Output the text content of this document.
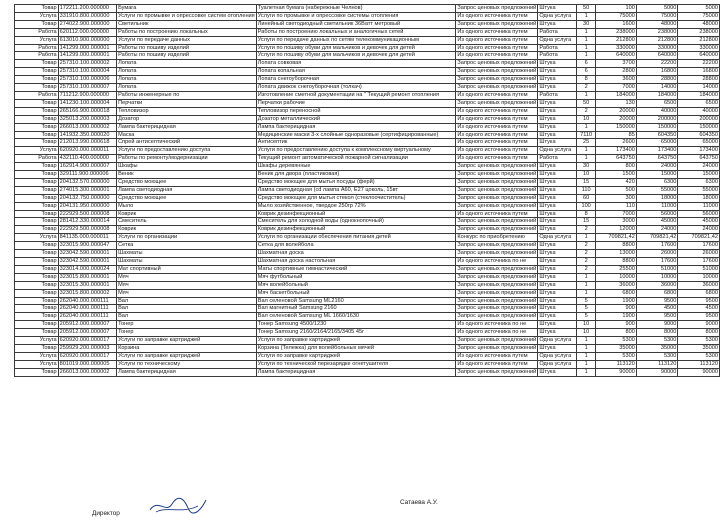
Товар	172211.200.000000	Бумага	Туалетная бумага (набережные Челнов)	Запрос ценовых предложений	Штука	50	100	5000	5000
Услуга	331910.800.000000	Услуги по промывке и опрессовке систем отопления	Услуги по промывке и опрессовке системы отопления	Из одного источника путем	Одна услуга	1	75000	75000	75000
Товар	274022.900.000000	Светильник	Линейный светодиодный светильник 36Ватт метровый	Запрос ценовых предложений	Штука	30	1600	48000	48000
Работа	620112.000.000000	Работы по построению локальных	Работы по построению локальных и аналогичных сетей	Из одного источника путем	Работа	1	238000	238000	238000
Услуга	613010.900.000000	Услуги по передаче данных	Услуги по передаче данных по сетям телекоммуникационным	Из одного источника путем	Одна услуга	1	212800	212800	212800
Работа	141299.000.000001	Работы по пошиву изделий	Услуги по пошиву обуви для мальчиков и девочек для детей	Из одного источника путем	Работа	1	330000	330000	330000
Работа	141299.000.000001	Работы по пошиву изделий	Услуги по пошиву обуви для мальчиков и девочек для детей	Из одного источника путем	Работа	1	640000	640000	640000
Товар	257310.100.000002	Лопата	Лопата совковая	Запрос ценовых предложений	Штука	6	3700	22200	22200
Товар	257310.100.000004	Лопата	Лопата копальная	Запрос ценовых предложений	Штука	6	2800	16800	16800
Товар	257310.100.000006	Лопата	Лопата снегоуборочная	Запрос ценовых предложений	Штука	8	3600	28800	28800
Товар	257310.100.000007	Лопата	Лопата движок снегоуборочная (толкач)	Запрос ценовых предложений	Штука	2	7000	14000	14000
Работа	711212.900.000000	Работы инженерные по	Изготовление сметной документации на " Текущий ремонт отопления	Из одного источника путем	Работа	1	184000	184000	184000
Товар	141230.100.000004	Перчатки	Перчатки рабочие	Запрос ценовых предложений	Штука	50	130	6500	6500
Товар	265166.900.000018	Тепловизор	Тепловизор переносной	Из одного источника путем	Штука	2	20000	40000	40000
Товар	325013.200.000003	Дозатор	Дозатор металлический	Из одного источника путем	Штука	10	20000	200000	200000
Товар	266013.000.000002	Лампа бактерицидная	Лампа бактерицидная	Из одного источника путем	Штука	1	150000	150000	150000
Товар	141932.350.000020	Маска	Медицинские маски 3-х слойные одноразовые (сертифицированные)	Из одного источника путем	Штука	7110	85	604350	604350
Товар	212013.990.000618	Спрей антисептический	Антисептик	Из одного источника путем	Штука	25	2600	65000	65000
Услуга	620920.000.000011	Услуги по предоставлению доступа	Услуги по предоставлению доступа к комплексному виртуальному	Из одного источника путем	Одна услуга	1	173400	173400	173400
Работа	432110.400.000000	Работы по ремонту/модернизации	Текущий ремонт автоматической пожарной сигнализации	Из одного источника путем	Работа	1	643750	643750	643750
Товар	162914.900.000007	Шкафы	Шкафы деревянные	Запрос ценовых предложений	Штука	30	800	24000	24000
Товар	329111.900.000006	Веник	Веник для дворa (пластиковая)	Запрос ценовых предложений	Штука	10	1500	15000	15000
Товар	204132.570.000000	Средство моющее	Средство моющее для мытья посуды (ферй)	Запрос ценовых предложений	Штука	15	420	6300	6300
Товар	274015.300.000001	Лампа светодиодная	Лампа светодиодная (сd лампа A60, E27 цоколь, 15вт	Запрос ценовых предложений	Штука	110	500	55000	55000
Товар	204132.750.000000	Средство моющее	Средство моющее для мытья стекол (стеклоочиститель)	Запрос ценовых предложений	Штука	60	300	18000	18000
Товар	204131.950.000000	Мыло	Мыло хозяйственное, твердое 250гр 72%	Запрос ценовых предложений	Штука	100	110	11000	11000
Товар	222929.500.000008	Коврик	Коврик дезинфекционный	Из одного источника путем	Штука	8	7000	56000	56000
Товар	281412.330.000014	Смеситель	Смеситель для холодной воды (однокнопочный)	Запрос ценовых предложений	Штука	15	3000	45000	45000
Товар	222929.500.000008	Коврик	Коврик дезинфекционный	Запрос ценовых предложений	Штука	2	12000	24000	24000
Услуга	841135.000.000011	Услуги по организации	Услуги по организации обеспечения питания детей	Конкурс по приобретению	Одна услуга	1	709821,42	709821,42	709821,42
Товар	323015.900.000047	Сетка	Сетка для волейбола	Запрос ценовых предложений	Штука	2	8800	17600	17600
Товар	323042.590.000001	Шахматы	Шахматная доска	Запрос ценовых предложений	Штука	2	13000	26000	26000
Товар	323042.590.000001	Шахматы	Шахматная доска настольная	Из одного источника по не	Штука	2	8800	17600	17600
Товар	323014.000.000024	Мат спортивный	Маты спортивные гимнастический	Запрос ценовых предложений	Штука	2	25500	51000	51000
Товар	323015.800.000001	Мяч	Мяч футбольный	Запрос ценовых предложений	Штука	1	10000	10000	10000
Товар	323015.300.000001	Мяч	Мяч волейбольный	Запрос ценовых предложений	Штука	1	36000	36000	36000
Товар	323015.800.000002	Мяч	Мяч баскетбольный	Запрос ценовых предложений	Штука	1	6800	6800	6800
Товар	262040.000.000111	Вал	Вал селеновой Samsung ML2160	Запрос ценовых предложений	Штука	5	1900	9500	9500
Товар	262040.000.000111	Вал	Вал магнитный Samsung 2160	Запрос ценовых предложений	Штука	5	900	4500	4500
Товар	262040.000.000111	Вал	Вал селеновой Samsung ML 1660/1630	Запрос ценовых предложений	Штука	5	1900	9500	9500
Товар	205912.000.000007	Тонер	Тонер Samsung 4500/1230	Из одного источника по не	Штука	10	900	9000	9000
Товар	205912.000.000007	Тонер	Тонер Samsung 2160/2164/2165/3405 45г	Из одного источника по не	Штука	10	800	8000	8000
Услуга	620920.000.000017	Услуги по заправке картриджей	Услуги по заправке картриджей	Запрос ценовых предложений	Одна услуга	1	5300	5300	5300
Товар	259929.200.000003	Корзина	Корзина (Тележка) для волейбольных мячей	Запрос ценовых предложений	Штука	1	35000	35000	35000
Услуга	620920.000.000017	Услуги по заправке картриджей	Услуги по заправке картриджей	Из одного источника путем	Одна услуга	1	5300	5300	5300
Услуга	801019.000.000005	Услуги по техническому	Услуги по технической перезарядке огнетушителя	Из одного источника путем	Одна услуга	1	113120	113120	113120
Товар	266013.000.000002	Лампа бактерицидная	Лампа бактерицидная	Запрос ценовых предложений	Штука	1	90000	90000	90000
Директор
Сатаева А.У.
